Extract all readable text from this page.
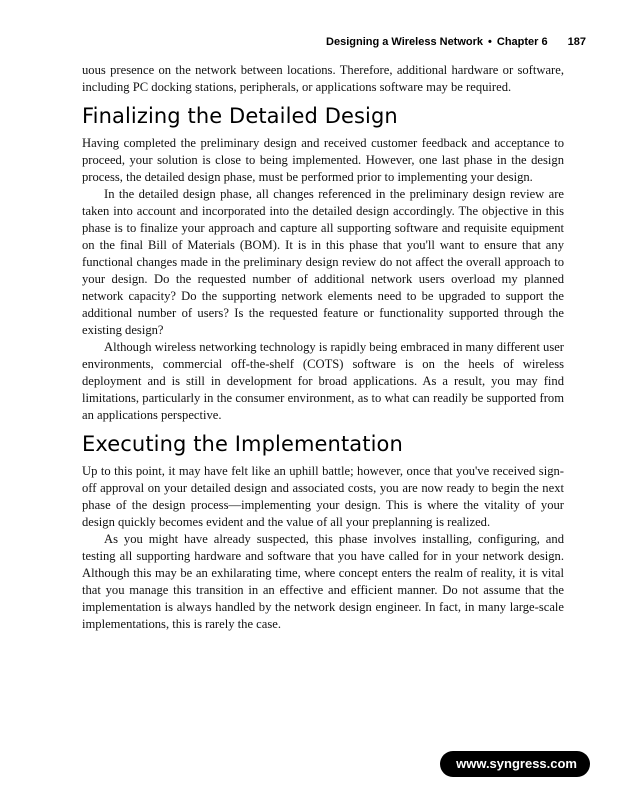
Designing a Wireless Network • Chapter 6 187

uous presence on the network between locations. Therefore, additional hardware or software, including PC docking stations, peripherals, or applications software may be required.

Finalizing the Detailed Design

Having completed the preliminary design and received customer feedback and acceptance to proceed, your solution is close to being implemented. However, one last phase in the design process, the detailed design phase, must be performed prior to implementing your design.

In the detailed design phase, all changes referenced in the preliminary design review are taken into account and incorporated into the detailed design accordingly. The objective in this phase is to finalize your approach and capture all supporting software and requisite equipment on the final Bill of Materials (BOM). It is in this phase that you'll want to ensure that any functional changes made in the preliminary design review do not affect the overall approach to your design. Do the requested number of additional network users overload my planned network capacity? Do the supporting network elements need to be upgraded to support the additional number of users? Is the requested feature or functionality supported through the existing design?

Although wireless networking technology is rapidly being embraced in many different user environments, commercial off-the-shelf (COTS) software is on the heels of wireless deployment and is still in development for broad applications. As a result, you may find limitations, particularly in the consumer environment, as to what can readily be supported from an applications perspective.

Executing the Implementation

Up to this point, it may have felt like an uphill battle; however, once that you've received sign-off approval on your detailed design and associated costs, you are now ready to begin the next phase of the design process—implementing your design. This is where the vitality of your design quickly becomes evident and the value of all your preplanning is realized.

As you might have already suspected, this phase involves installing, configuring, and testing all supporting hardware and software that you have called for in your network design. Although this may be an exhilarating time, where concept enters the realm of reality, it is vital that you manage this transition in an effective and efficient manner. Do not assume that the implementation is always handled by the network design engineer. In fact, in many large-scale implementations, this is rarely the case.

www.syngress.com
